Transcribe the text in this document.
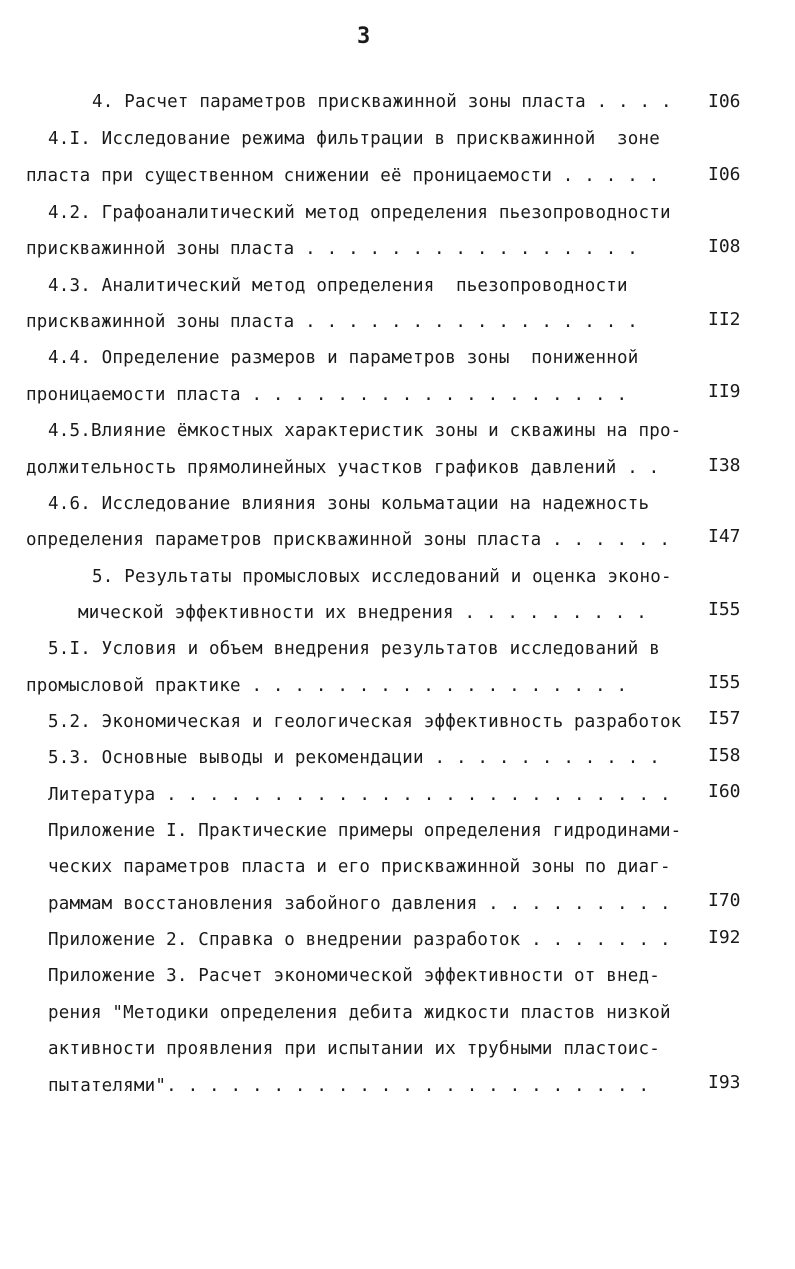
3
4. Расчет параметров прискважинной зоны пласта . . . . I06
4.I. Исследование режима фильтрации в прискважинной  зоне
пласта при существенном снижении её проницаемости . . . . .	I06
4.2. Графоаналитический метод определения пьезопроводности
прискважинной зоны пласта . . . . . . . . . . . . . . . .	I08
4.3. Аналитический метод определения  пьезопроводности
прискважинной зоны пласта . . . . . . . . . . . . . . . .	II2
4.4. Определение размеров и параметров зоны  пониженной
проницаемости пласта . . . . . . . . . . . . . . . . . .	II9
4.5.Влияние ёмкостных характеристик зоны и скважины на про-
должительность прямолинейных участков графиков давлений . .	I38
4.6. Исследование влияния зоны кольматации на надежность
определения параметров прискважинной зоны пласта . . . . . . I47
5. Результаты промысловых исследований и оценка эконо-
мической эффективности их внедрения . . . . . . . . .	I55
5.I. Условия и объем внедрения результатов исследований в
промысловой практике . . . . . . . . . . . . . . . . . .	I55
5.2. Экономическая и геологическая эффективность разработок I57
5.3. Основные выводы и рекомендации . . . . . . . . . . .	I58
Литература . . . . . . . . . . . . . . . . . . . . . . . . I60
Приложение I. Практические примеры определения гидродинами-
ческих параметров пласта и его прискважинной зоны по диаг-
раммам восстановления забойного давления . . . . . . . . . I70
Приложение 2. Справка о внедрении разработок . . . . . . . I92
Приложение 3. Расчет экономической эффективности от внед-
рения "Методики определения дебита жидкости пластов низкой
активности проявления при испытании их трубными пластоис-
пытателями". . . . . . . . . . . . . . . . . . . . . . .	I93
